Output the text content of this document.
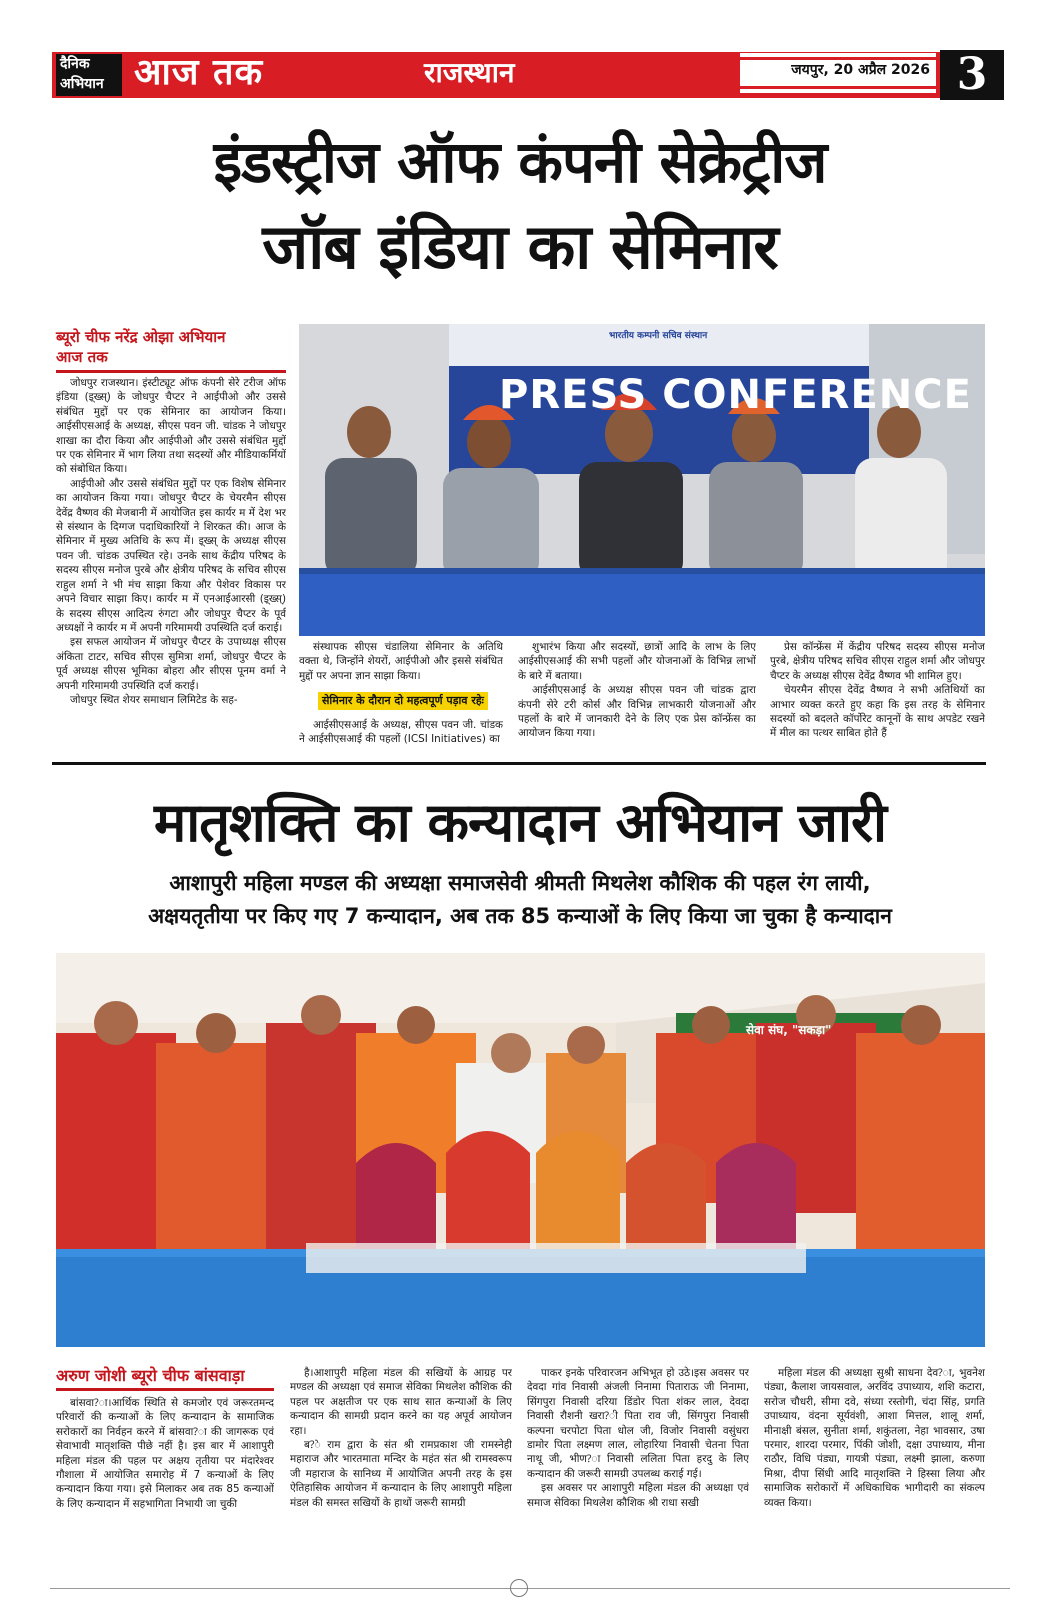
दैनिक
अभियान आज तक	राजस्थान	जयपुर, 20 अप्रैल 2026 3
इंडस्ट्रीज ऑफ कंपनी सेक्रेट्रीज
जॉब इंडिया का सेमिनार
ब्यूरो चीफ नरेंद्र ओझा अभियान
आज तक

जोधपुर राजस्थान। इंस्टीट्यूट ऑफ कंपनी सेरे टरीज ऑफ इंडिया (इ्ख्स्) के जोधपुर चैप्टर ने आईपीओ और उससे संबंधित मुद्दों पर एक सेमिनार का आयोजन किया। आईसीएसआई के अध्यक्ष, सीएस पवन जी. चांडक ने जोधपुर शाखा का दौरा किया और आईपीओ और उससे संबंधित मुद्दों पर एक सेमिनार में भाग लिया तथा सदस्यों और मीडियाकर्मियों को संबोधित किया।

आईपीओ और उससे संबंधित मुद्दों पर एक विशेष सेमिनार का आयोजन किया गया। जोधपुर चैप्टर के चेयरमैन सीएस देवेंद्र वैष्णव की मेजबानी में आयोजित इस कार्यर म में देश भर से संस्थान के दिग्गज पदाधिकारियों ने शिरकत की। आज के सेमिनार में मुख्य अतिथि के रूप में। इ्ख्स् के अध्यक्ष सीएस पवन जी. चांडक उपस्थित रहे। उनके साथ केंद्रीय परिषद के सदस्य सीएस मनोज पुरबे और क्षेत्रीय परिषद के सचिव सीएस राहुल शर्मा ने भी मंच साझा किया और पेशेवर विकास पर अपने विचार साझा किए। कार्यर म में एनआईआरसी (इ्ख्स्) के सदस्य सीएस आदित्य रुंगटा और जोधपुर चैप्टर के पूर्व अध्यक्षों ने कार्यर म में अपनी गरिमामयी उपस्थिति दर्ज कराई।

इस सफल आयोजन में जोधपुर चैप्टर के उपाध्यक्ष सीएस अंकिता टाटर, सचिव सीएस सुमित्रा शर्मा, जोधपुर चैप्टर के पूर्व अध्यक्ष सीएस भूमिका बोहरा और सीएस पूनम वर्मा ने अपनी गरिमामयी उपस्थिति दर्ज कराई।

जोधपुर स्थित शेयर समाधान लिमिटेड के सह-

भारतीय कम्पनी सचिव संस्थान
PRESS CONFERENCE

संस्थापक सीएस चंडालिया सेमिनार के अतिथि वक्ता थे, जिन्होंने शेयरों, आईपीओ और इससे संबंधित मुद्दों पर अपना ज्ञान साझा किया।

सेमिनार के दौरान दो महत्वपूर्ण पड़ाव रहेः

आईसीएसआई के अध्यक्ष, सीएस पवन जी. चांडक ने आईसीएसआई की पहलों (ICSI Initiatives) का

शुभारंभ किया और सदस्यों, छात्रों आदि के लाभ के लिए आईसीएसआई की सभी पहलों और योजनाओं के विभिन्न लाभों के बारे में बताया।

आईसीएसआई के अध्यक्ष सीएस पवन जी चांडक द्वारा कंपनी सेरे टरी कोर्स और विभिन्न लाभकारी योजनाओं और पहलों के बारे में जानकारी देने के लिए एक प्रेस कॉन्फ्रेंस का आयोजन किया गया।

प्रेस कॉन्फ्रेंस में केंद्रीय परिषद सदस्य सीएस मनोज पुरबे, क्षेत्रीय परिषद सचिव सीएस राहुल शर्मा और जोधपुर चैप्टर के अध्यक्ष सीएस देवेंद्र वैष्णव भी शामिल हुए।

चेयरमैन सीएस देवेंद्र वैष्णव ने सभी अतिथियों का आभार व्यक्त करते हुए कहा कि इस तरह के सेमिनार सदस्यों को बदलते कॉर्पोरेट कानूनों के साथ अपडेट रखने में मील का पत्थर साबित होते हैं

मातृशक्ति का कन्यादान अभियान जारी
आशापुरी महिला मण्डल की अध्यक्षा समाजसेवी श्रीमती मिथलेश कौशिक की पहल रंग लायी,
अक्षयतृतीया पर किए गए 7 कन्यादान, अब तक 85 कन्याओं के लिए किया जा चुका है कन्यादान
सेवा संघ, "सकड़ा"
अरुण जोशी ब्यूरो चीफ बांसवाड़ा

बांसवा?ा।आर्थिक स्थिति से कमजोर एवं जरूरतमन्द परिवारों की कन्याओं के लिए कन्यादान के सामाजिक सरोकारों का निर्वहन करने में बांसवा?ा की जागरूक एवं सेवाभावी मातृशक्ति पीछे नहीं है। इस बार में आशापुरी महिला मंडल की पहल पर अक्षय तृतीया पर मंदारेश्वर गौशाला में आयोजित समारोह में 7 कन्याओं के लिए कन्यादान किया गया। इसे मिलाकर अब तक 85 कन्याओं के लिए कन्यादान में सहभागिता निभायी जा चुकी

है।आशापुरी महिला मंडल की सखियों के आग्रह पर मण्डल की अध्यक्षा एवं समाज सेविका मिथलेश कौशिक की पहल पर अक्षतीज पर एक साथ सात कन्याओं के लिए कन्यादान की सामग्री प्रदान करने का यह अपूर्व आयोजन रहा।

ब?े राम द्वारा के संत श्री रामप्रकाश जी रामस्नेही महाराज और भारतमाता मन्दिर के महंत संत श्री रामस्वरूप जी महाराज के सानिध्य में आयोजित अपनी तरह के इस ऐतिहासिक आयोजन में कन्यादान के लिए आशापुरी महिला मंडल की समस्त सखियों के हाथों जरूरी सामग्री

पाकर इनके परिवारजन अभिभूत हो उठे।इस अवसर पर देवदा गांव निवासी अंजली निनामा पिताराऊ जी निनामा, सिंगपुरा निवासी दरिया डिंडोर पिता शंकर लाल, देवदा निवासी रौशनी खरा?ी पिता राव जी, सिंगपुरा निवासी कल्पना चरपोटा पिता धोल जी, विजोर निवासी वसुंधरा डामोर पिता लक्ष्मण लाल, लोहारिया निवासी चेतना पिता नाथू जी, भीण?ा निवासी ललिता पिता हरदु के लिए कन्यादान की जरूरी सामग्री उपलब्ध कराई गई।

इस अवसर पर आशापुरी महिला मंडल की अध्यक्षा एवं समाज सेविका मिथलेश कौशिक श्री राधा सखी

महिला मंडल की अध्यक्षा सुश्री साधना देव?ा, भुवनेश पंड्या, कैलाश जायसवाल, अरविंद उपाध्याय, शशि कटारा, सरोज चौधरी, सीमा दवे, संध्या रस्तोगी, चंदा सिंह, प्रगति उपाध्याय, वंदना सूर्यवंशी, आशा मित्तल, शालू शर्मा, मीनाक्षी बंसल, सुनीता शर्मा, शकुंतला, नेहा भावसार, उषा परमार, शारदा परमार, पिंकी जोशी, दक्षा उपाध्याय, मीना राठौर, विधि पंड्या, गायत्री पंड्या, लक्ष्मी झाला, करुणा मिश्रा, दीपा सिंधी आदि मातृशक्ति ने हिस्सा लिया और सामाजिक सरोकारों में अधिकाधिक भागीदारी का संकल्प व्यक्त किया।
